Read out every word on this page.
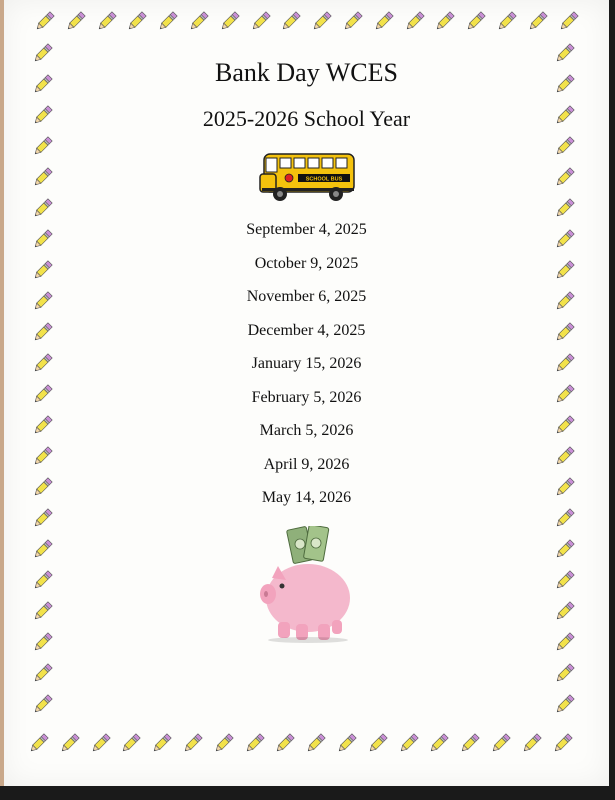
Bank Day WCES
2025-2026 School Year
SCHOOL BUS
September 4, 2025
October 9, 2025
November 6, 2025
December 4, 2025
January 15, 2026
February 5, 2026
March 5, 2026
April 9, 2026
May 14, 2026
